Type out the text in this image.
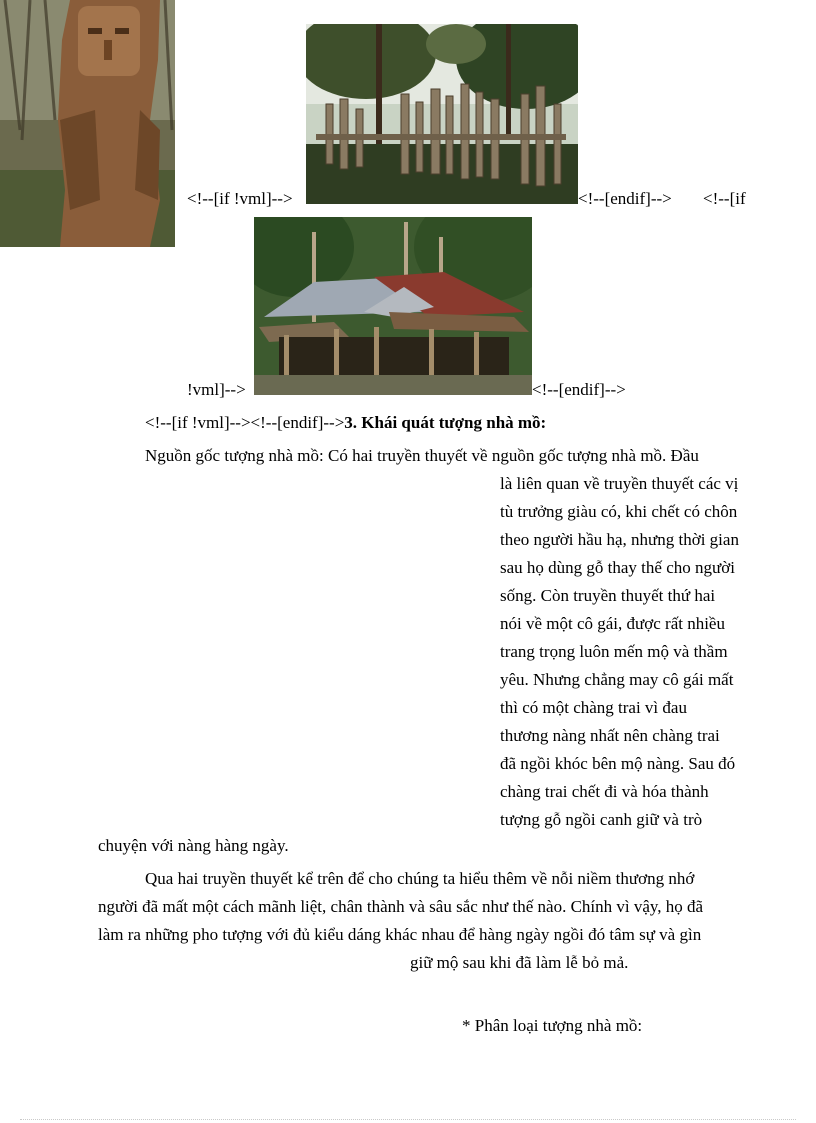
<!--[if !vml]-->	<!--[endif]--> <!--[if
!vml]-->	<!--[endif]-->
<!--[if !vml]--><!--[endif]-->3. Khái quát tượng nhà mồ:
Nguồn gốc tượng nhà mồ: Có hai truyền thuyết về nguồn gốc tượng nhà mồ. Đầu
là liên quan về truyền thuyết các vị
tù trưởng giàu có, khi chết có chôn
theo người hầu hạ, nhưng thời gian
sau họ dùng gỗ thay thế cho người
sống. Còn truyền thuyết thứ hai
nói về một cô gái, được rất nhiều
trang trọng luôn mến mộ và thầm
yêu. Nhưng chẳng may cô gái mất
thì có một chàng trai vì đau
thương nàng nhất nên chàng trai
đã ngồi khóc bên mộ nàng. Sau đó
chàng trai chết đi và hóa thành
tượng gỗ ngồi canh giữ và trò
chuyện với nàng hàng ngày.
Qua hai truyền thuyết kể trên để cho chúng ta hiểu thêm về nỗi niềm thương nhớ
người đã mất một cách mãnh liệt, chân thành và sâu sắc như thế nào. Chính vì vậy, họ đã
làm ra những pho tượng với đủ kiểu dáng khác nhau để hàng ngày ngồi đó tâm sự và gìn
giữ mộ sau khi đã làm lễ bỏ mả.
* Phân loại tượng nhà mồ:
